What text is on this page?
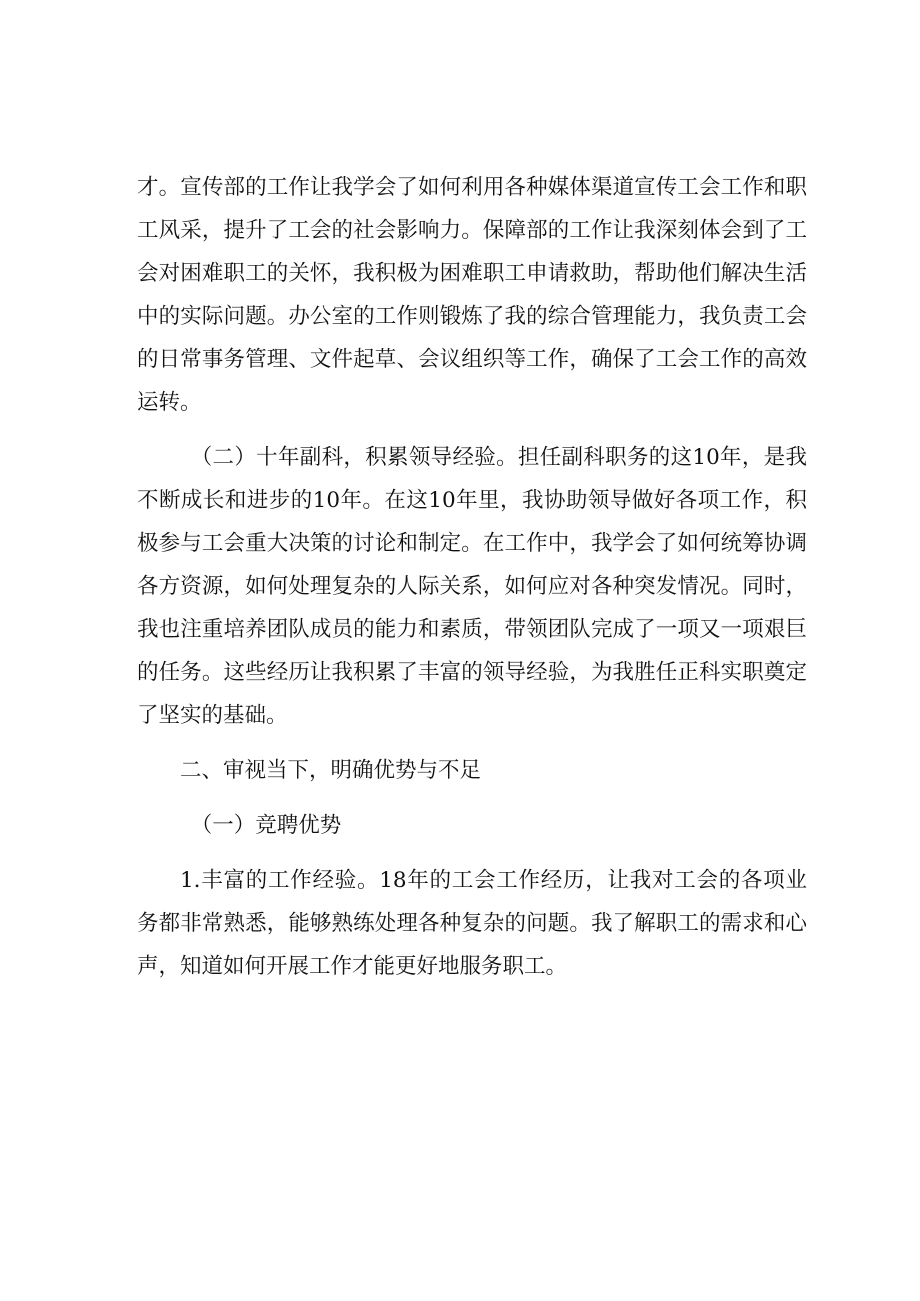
才。宣传部的工作让我学会了如何利用各种媒体渠道宣传工会工作和职工风采，提升了工会的社会影响力。保障部的工作让我深刻体会到了工会对困难职工的关怀，我积极为困难职工申请救助，帮助他们解决生活中的实际问题。办公室的工作则锻炼了我的综合管理能力，我负责工会的日常事务管理、文件起草、会议组织等工作，确保了工会工作的高效运转。

（二）十年副科，积累领导经验。担任副科职务的这10年，是我不断成长和进步的10年。在这10年里，我协助领导做好各项工作，积极参与工会重大决策的讨论和制定。在工作中，我学会了如何统筹协调各方资源，如何处理复杂的人际关系，如何应对各种突发情况。同时，我也注重培养团队成员的能力和素质，带领团队完成了一项又一项艰巨的任务。这些经历让我积累了丰富的领导经验，为我胜任正科实职奠定了坚实的基础。

二、审视当下，明确优势与不足

（一）竞聘优势

1.丰富的工作经验。18年的工会工作经历，让我对工会的各项业务都非常熟悉，能够熟练处理各种复杂的问题。我了解职工的需求和心声，知道如何开展工作才能更好地服务职工。
